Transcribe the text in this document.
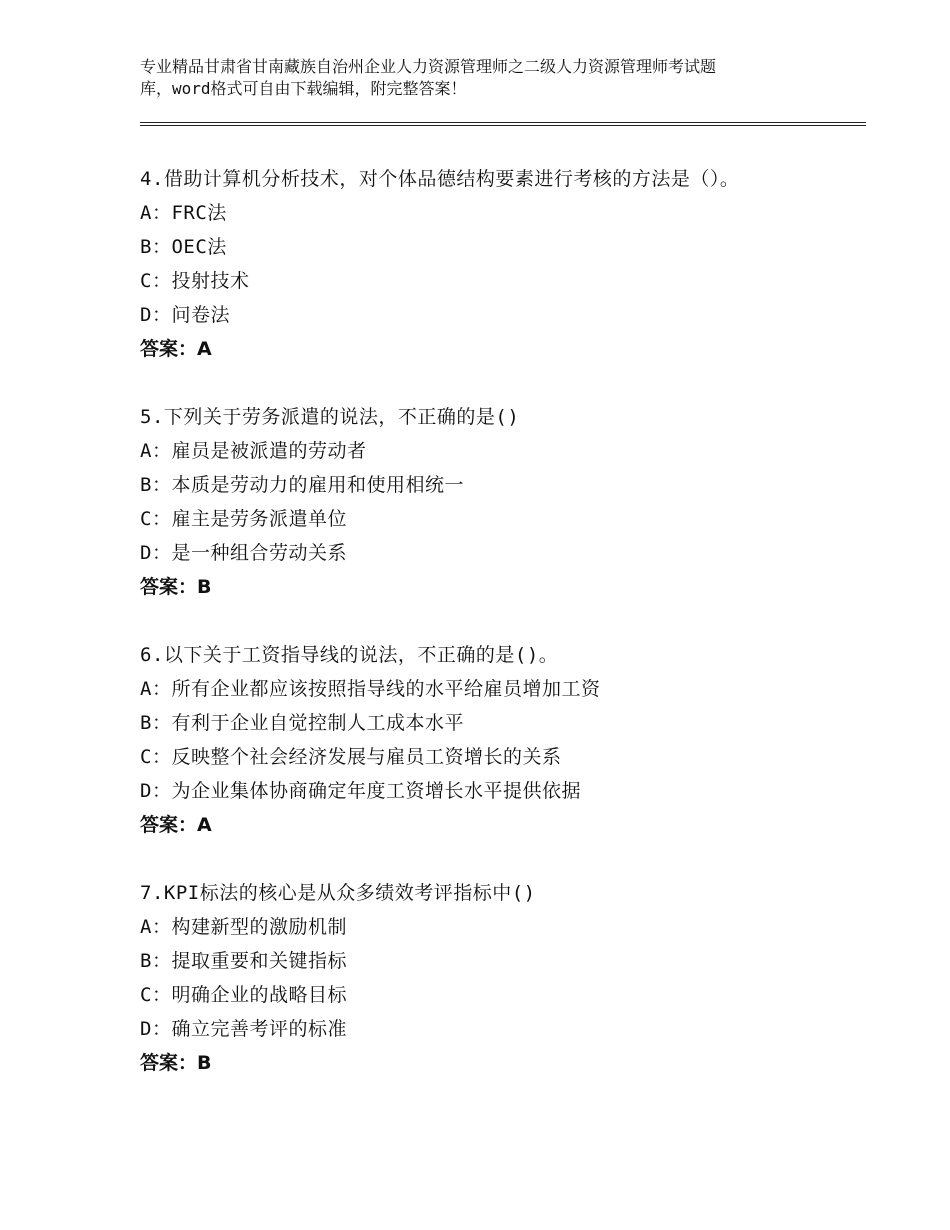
专业精品甘肃省甘南藏族自治州企业人力资源管理师之二级人力资源管理师考试题
库，word格式可自由下载编辑，附完整答案！
4.借助计算机分析技术，对个体品德结构要素进行考核的方法是（）。
A：FRC法
B：OEC法
C：投射技术
D：问卷法
答案：A
5.下列关于劳务派遣的说法，不正确的是()
A：雇员是被派遣的劳动者
B：本质是劳动力的雇用和使用相统一
C：雇主是劳务派遣单位
D：是一种组合劳动关系
答案：B
6.以下关于工资指导线的说法，不正确的是()。
A：所有企业都应该按照指导线的水平给雇员增加工资
B：有利于企业自觉控制人工成本水平
C：反映整个社会经济发展与雇员工资增长的关系
D：为企业集体协商确定年度工资增长水平提供依据
答案：A
7.KPI标法的核心是从众多绩效考评指标中()
A：构建新型的激励机制
B：提取重要和关键指标
C：明确企业的战略目标
D：确立完善考评的标准
答案：B
